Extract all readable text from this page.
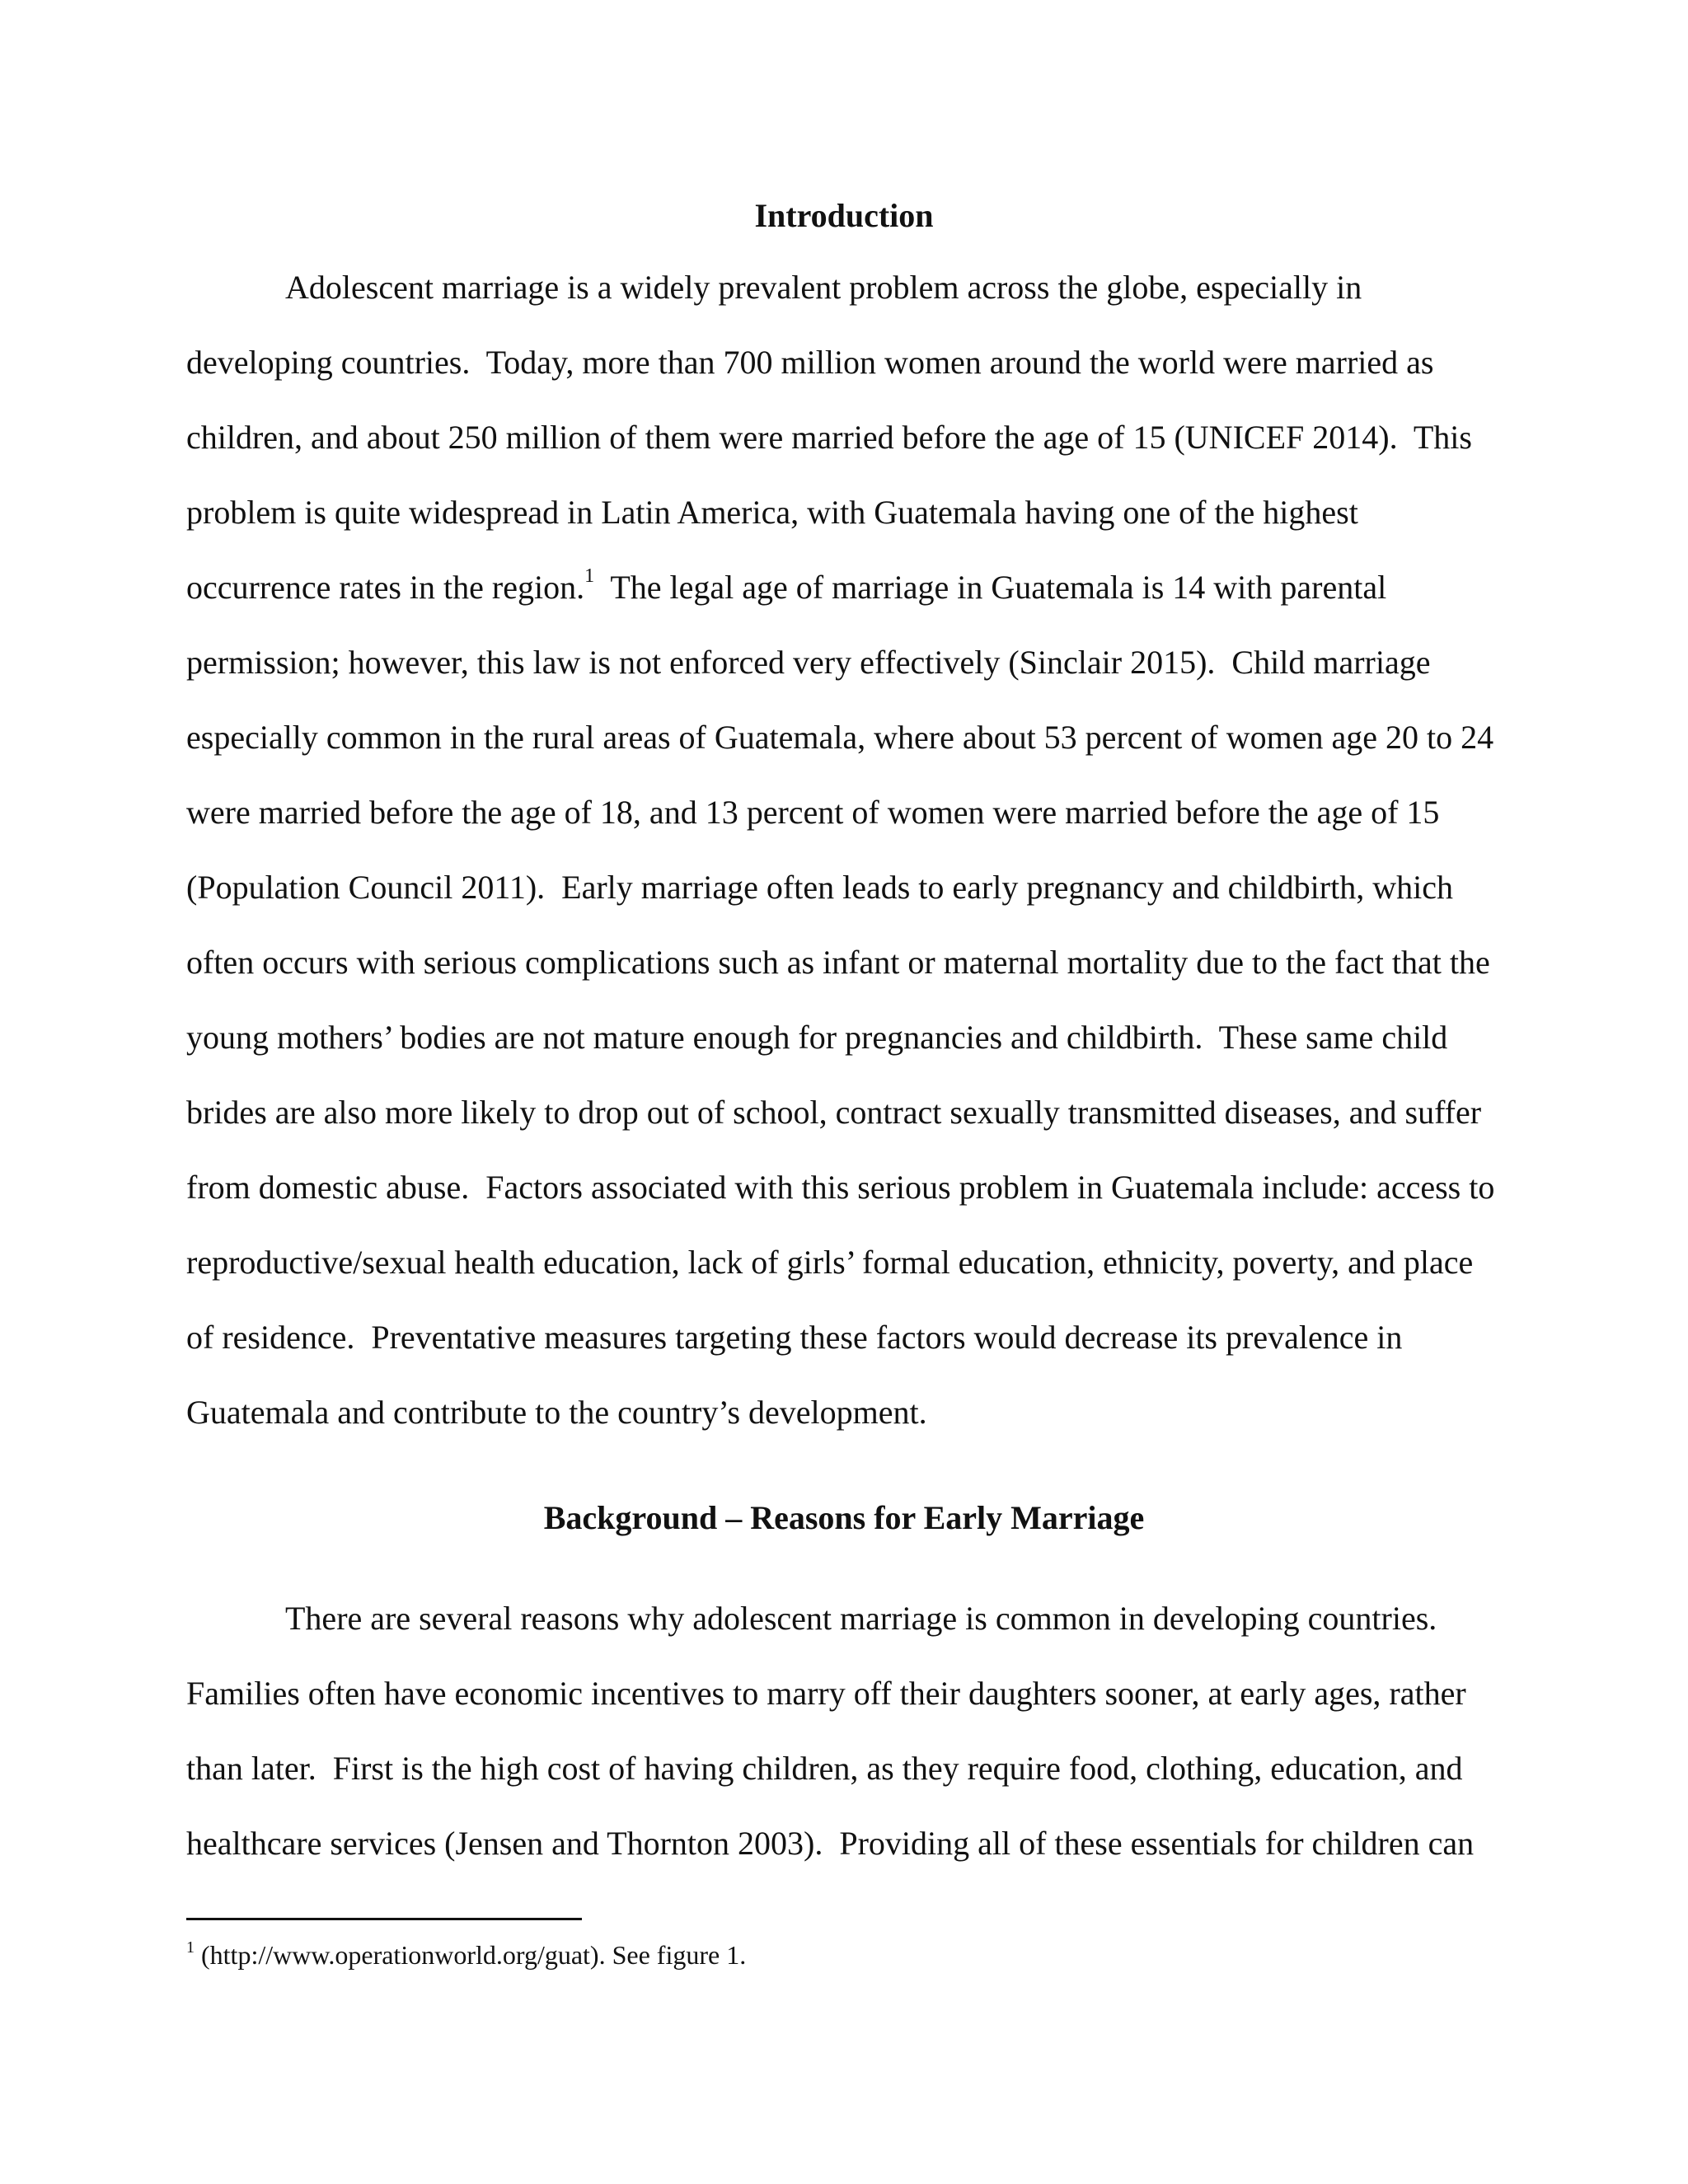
Introduction

Adolescent marriage is a widely prevalent problem across the globe, especially in

developing countries.  Today, more than 700 million women around the world were married as

children, and about 250 million of them were married before the age of 15 (UNICEF 2014).  This

problem is quite widespread in Latin America, with Guatemala having one of the highest

occurrence rates in the region.$^1$  The legal age of marriage in Guatemala is 14 with parental

permission; however, this law is not enforced very effectively (Sinclair 2015).  Child marriage

especially common in the rural areas of Guatemala, where about 53 percent of women age 20 to 24

were married before the age of 18, and 13 percent of women were married before the age of 15

(Population Council 2011).  Early marriage often leads to early pregnancy and childbirth, which

often occurs with serious complications such as infant or maternal mortality due to the fact that the

young mothers’ bodies are not mature enough for pregnancies and childbirth.  These same child

brides are also more likely to drop out of school, contract sexually transmitted diseases, and suffer

from domestic abuse.  Factors associated with this serious problem in Guatemala include: access to

reproductive/sexual health education, lack of girls’ formal education, ethnicity, poverty, and place

of residence.  Preventative measures targeting these factors would decrease its prevalence in

Guatemala and contribute to the country’s development.

Background – Reasons for Early Marriage

There are several reasons why adolescent marriage is common in developing countries.

Families often have economic incentives to marry off their daughters sooner, at early ages, rather

than later.  First is the high cost of having children, as they require food, clothing, education, and

healthcare services (Jensen and Thornton 2003).  Providing all of these essentials for children can

$^1$ (http://www.operationworld.org/guat). See figure 1.
